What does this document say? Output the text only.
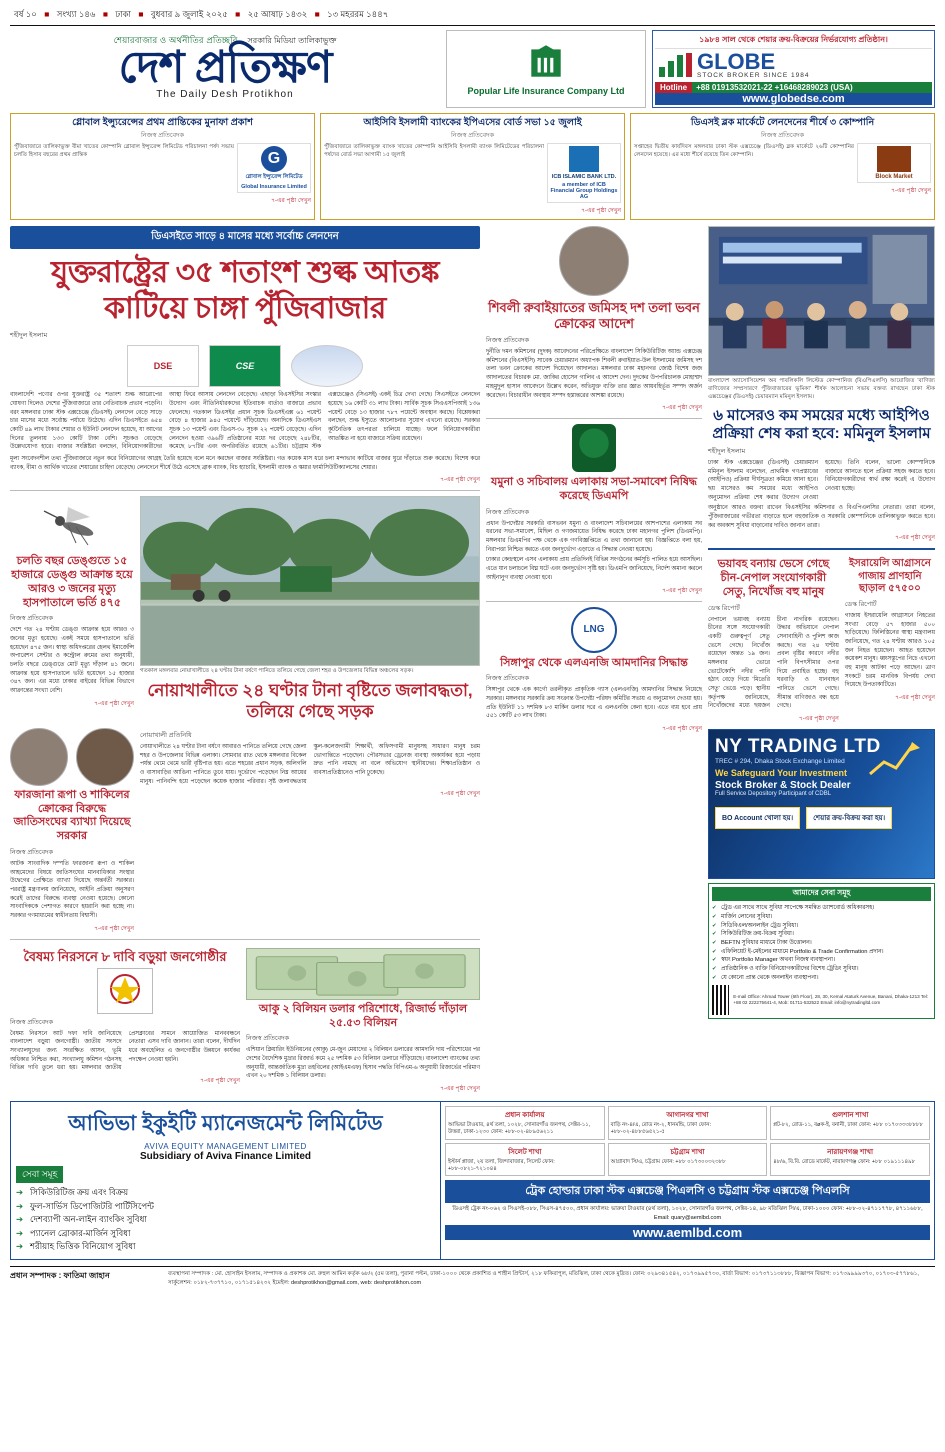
বর্ষ ১০ ■ সংখ্যা ১৪৬ ■ ঢাকা ■ বুধবার ৯ জুলাই ২০২৫ ■ ২৫ আষাঢ় ১৪৩২ ■ ১৩ মহররম ১৪৪৭
শেয়ারবাজার ও অর্থনীতির প্রতিচ্ছবি সরকারি মিডিয়া তালিকাভুক্ত
দেশ প্রতিক্ষণ
The Daily Desh Protikhon	Popular Life Insurance Company Ltd
১৯৮৪ সাল থেকে শেয়ার ক্রয়-বিক্রয়ের নির্ভরযোগ্য প্রতিষ্ঠান।
GLOBE
STOCK BROKER SINCE 1984
Hotline	+88 01913532021-22 +16468289023 (USA)
www.globedse.com
গ্লোবাল ইন্স্যুরেন্সের প্রথম প্রান্তিকের মুনাফা প্রকাশ
নিজস্ব প্রতিবেদক
পুঁজিবাজারে তালিকাভুক্ত বীমা খাতের কোম্পানি গ্লোবাল ইন্স্যুরেন্স লিমিটেড পরিচালনা পর্ষদ সভায় চলতি হিসাব বছরের প্রথম প্রান্তিক	G
গ্লোবাল ইন্স্যুরেন্স লিমিটেড
Global Insurance Limited
৭-এর পৃষ্ঠা দেখুন
আইসিবি ইসলামী ব্যাংকের ইপিএসের বোর্ড সভা ১৫ জুলাই
নিজস্ব প্রতিবেদক
পুঁজিবাজারে তালিকাভুক্ত ব্যাংক খাতের কোম্পানি আইসিবি ইসলামী ব্যাংক লিমিটেডের পরিচালনা পর্ষদের বোর্ড সভা আগামী ১৫ জুলাই
ICB ISLAMIC BANK LTD.
a member of ICB Financial Group Holdings AG
৭-এর পৃষ্ঠা দেখুন
ডিএসই ব্লক মার্কেটে লেনদেনের শীর্ষে ৩ কোম্পানি
নিজস্ব প্রতিবেদক
সপ্তাহের দ্বিতীয় কার্যদিবস মঙ্গলবার ঢাকা স্টক এক্সচেঞ্জে (ডিএসই) ব্লক মার্কেটে ২৬টি কোম্পানির লেনদেন হয়েছে। এর মধ্যে শীর্ষে রয়েছে তিন কোম্পানি।
Block Market
৭-এর পৃষ্ঠা দেখুন
ডিএসইতে সাড়ে ৪ মাসের মধ্যে সর্বোচ্চ লেনদেন
যুক্তরাষ্ট্রের ৩৫ শতাংশ শুল্ক আতঙ্ক কাটিয়ে চাঙ্গা পুঁজিবাজার
শহীদুল ইসলাম
DSE	CSE
বাংলাদেশি পণ্যের ওপর যুক্তরাষ্ট্র ৩৫ শতাংশ শুল্ক আরোপের ঘোষণা দিলেও দেশের পুঁজিবাজারে তার নেতিবাচক প্রভাব পড়েনি। বরং মঙ্গলবার ঢাকা স্টক এক্সচেঞ্জে (ডিএসই) লেনদেন বেড়ে সাড়ে চার মাসের মধ্যে সর্বোচ্চ পর্যায়ে উঠেছে। এদিন ডিএসইতে ৬৫৪ কোটি ৪৯ লাখ টাকার শেয়ার ও ইউনিট লেনদেন হয়েছে, যা আগের দিনের তুলনায় ১৩৩ কোটি টাকা বেশি। সূচকও বেড়েছে উল্লেখযোগ্য হারে। বাজার সংশ্লিষ্টরা বলছেন, বিনিয়োগকারীদের আস্থা ফিরে আসায় লেনদেন বেড়েছে। এছাড়া বিএসইসির সংস্কার উদ্যোগ এবং নীতিনির্ধারকদের ইতিবাচক বার্তাও বাজারে প্রভাব ফেলেছে। গতকাল ডিএসইর প্রধান সূচক ডিএসইএক্স ৬১ পয়েন্ট বেড়ে ৪ হাজার ৯৪৫ পয়েন্টে দাঁড়িয়েছে। অন্যদিকে ডিএসইএস সূচক ১৩ পয়েন্ট এবং ডিএস-৩০ সূচক ২২ পয়েন্ট বেড়েছে। এদিন লেনদেন হওয়া ৩৯৬টি প্রতিষ্ঠানের মধ্যে দর বেড়েছে ২৪৮টির, কমেছে ৮৭টির এবং অপরিবর্তিত রয়েছে ৬১টির। চট্টগ্রাম স্টক এক্সচেঞ্জেও (সিএসই) একই চিত্র দেখা গেছে। সিএসইতে লেনদেন হয়েছে ১৬ কোটি ৩১ লাখ টাকা। সার্বিক সূচক সিএএসপিআই ১৩৬ পয়েন্ট বেড়ে ১৩ হাজার ৭৮৭ পয়েন্টে অবস্থান করছে। বিশ্লেষকরা বলছেন, শুল্ক ইস্যুতে আলোচনার সুযোগ এখনো রয়েছে। সরকার কূটনৈতিক তৎপরতা চালিয়ে যাচ্ছে। ফলে বিনিয়োগকারীরা আতঙ্কিত না হয়ে বাজারে সক্রিয় রয়েছেন।
মূল্য সংবেদনশীল তথ্য পুঁজিবাজারে নতুন করে বিনিয়োগের আগ্রহ তৈরি হয়েছে বলে মনে করছেন বাজার সংশ্লিষ্টরা। গত কয়েক মাস ধরে চলা মন্দাভাব কাটিয়ে বাজার ঘুরে দাঁড়াতে শুরু করেছে। বিশেষ করে ব্যাংক, বীমা ও আর্থিক খাতের শেয়ারের চাহিদা বেড়েছে। লেনদেনে শীর্ষে উঠে এসেছে ব্রাক ব্যাংক, বিচ হ্যাচারি, ইসলামী ব্যাংক ও স্কয়ার ফার্মাসিউটিক্যালসের শেয়ার।
৭-এর পৃষ্ঠা দেখুন
চলতি বছর ডেঙ্গুতে ১৫ হাজারে ডেঙ্গু আক্রান্ত হয়ে আরও ৩ জনের মৃত্যু হাসপাতালে ভর্তি ৪৭৫
নিজস্ব প্রতিবেদক
দেশে গত ২৪ ঘণ্টায় ডেঙ্গু আক্রান্ত হয়ে আরও ৩ জনের মৃত্যু হয়েছে। একই সময়ে হাসপাতালে ভর্তি হয়েছেন ৪৭৫ জন। স্বাস্থ্য অধিদপ্তরের হেলথ ইমার্জেন্সি অপারেশন সেন্টার ও কন্ট্রোল রুমের তথ্য অনুযায়ী, চলতি বছরে ডেঙ্গুতে মোট মৃত্যু দাঁড়াল ৪১ জনে। আক্রান্ত হয়ে হাসপাতালে ভর্তি হয়েছেন ১৫ হাজার ৩৪৭ জন। এর মধ্যে ঢাকার বাইরের বিভিন্ন বিভাগে আক্রান্তের সংখ্যা বেশি।
৭-এর পৃষ্ঠা দেখুন
গতকাল মঙ্গলবার নোয়াখালীতে ২৪ ঘণ্টার টানা বর্ষণে পানিতে তলিয়ে গেছে জেলা শহর ও উপজেলার বিভিন্ন অঞ্চলের সড়ক।
নোয়াখালীতে ২৪ ঘণ্টার টানা বৃষ্টিতে জলাবদ্ধতা, তলিয়ে গেছে সড়ক
ফারজানা রূপা ও শাকিলের ক্রোকের বিরুদ্ধে জাতিসংঘের ব্যাখ্যা দিয়েছে সরকার
নিজস্ব প্রতিবেদক
আটক সাংবাদিক দম্পতি ফারজানা রূপা ও শাকিল আহমেদের বিষয়ে জাতিসংঘের মানবাধিকার সংস্থার উদ্বেগের প্রেক্ষিতে ব্যাখ্যা দিয়েছে অন্তর্বর্তী সরকার। পররাষ্ট্র মন্ত্রণালয় জানিয়েছে, আইনি প্রক্রিয়া অনুসরণ করেই তাদের বিরুদ্ধে ব্যবস্থা নেওয়া হয়েছে। কোনো সাংবাদিককে পেশাগত কারণে হয়রানি করা হচ্ছে না। সরকার গণমাধ্যমের স্বাধীনতায় বিশ্বাসী।
৭-এর পৃষ্ঠা দেখুন
নোয়াখালী প্রতিনিধি
নোয়াখালীতে ২৪ ঘণ্টার টানা বর্ষণে আবারও পানিতে তলিয়ে গেছে জেলা শহর ও উপজেলার বিভিন্ন এলাকা। সোমবার রাত থেকে মঙ্গলবার বিকেল পর্যন্ত থেমে থেমে ভারী বৃষ্টিপাত হয়। এতে শহরের প্রধান সড়ক, অলিগলি ও বাসাবাড়ির আঙিনা পানিতে ডুবে যায়। দুর্ভোগে পড়েছেন নিম্ন আয়ের মানুষ। পানিবন্দি হয়ে পড়েছেন কয়েক হাজার পরিবার। সৃষ্ট জলাবদ্ধতায় স্কুল-কলেজগামী শিক্ষার্থী, অফিসগামী মানুষসহ সাধারণ মানুষ চরম ভোগান্তিতে পড়েছেন। পৌরসভার ড্রেনেজ ব্যবস্থা অকার্যকর হয়ে পড়ায় দ্রুত পানি নামছে না বলে অভিযোগ স্থানীয়দের। শিক্ষাপ্রতিষ্ঠান ও ব্যবসাপ্রতিষ্ঠানেও পানি ঢুকেছে।
৭-এর পৃষ্ঠা দেখুন
বৈষম্য নিরসনে ৮ দাবি বড়ুয়া জনগোষ্ঠীর
নিজস্ব প্রতিবেদক
বৈষম্য নিরসনে আট দফা দাবি জানিয়েছে বাংলাদেশ বড়ুয়া জনগোষ্ঠী। জাতীয় সংসদে সংখ্যালঘুদের জন্য সংরক্ষিত আসন, ভূমি অধিকার নিশ্চিত করা, সংখ্যালঘু কমিশন গঠনসহ বিভিন্ন দাবি তুলে ধরা হয়। মঙ্গলবার জাতীয় প্রেসক্লাবের সামনে আয়োজিত মানববন্ধনে নেতারা এসব দাবি জানান। তারা বলেন, দীর্ঘদিন ধরে অবহেলিত এ জনগোষ্ঠীর উন্নয়নে কার্যকর পদক্ষেপ নেওয়া হয়নি।
৭-এর পৃষ্ঠা দেখুন
আকু ২ বিলিয়ন ডলার পরিশোধে, রিজার্ভ দাঁড়াল ২৫.৫৩ বিলিয়ন
নিজস্ব প্রতিবেদক
এশিয়ান ক্লিয়ারিং ইউনিয়নের (আকু) মে-জুন মেয়াদের ২ বিলিয়ন ডলারের আমদানি দায় পরিশোধের পর দেশের বৈদেশিক মুদ্রার রিজার্ভ কমে ২৫ দশমিক ৫৩ বিলিয়ন ডলারে দাঁড়িয়েছে। বাংলাদেশ ব্যাংকের তথ্য অনুযায়ী, আন্তর্জাতিক মুদ্রা তহবিলের (আইএমএফ) হিসাব পদ্ধতি বিপিএম-৬ অনুযায়ী রিজার্ভের পরিমাণ এখন ২০ দশমিক ১ বিলিয়ন ডলার।
৭-এর পৃষ্ঠা দেখুন
শিবলী রুবাইয়াতের জমিসহ দশ তলা ভবন ক্রোকের আদেশ
নিজস্ব প্রতিবেদক
দুর্নীতি দমন কমিশনের (দুদক) আবেদনের পরিপ্রেক্ষিতে বাংলাদেশ সিকিউরিটিজ অ্যান্ড এক্সচেঞ্জ কমিশনের (বিএসইসি) সাবেক চেয়ারম্যান অধ্যাপক শিবলী রুবাইয়াত-উল ইসলামের জমিসহ দশ তলা ভবন ক্রোকের আদেশ দিয়েছেন আদালত। মঙ্গলবার ঢাকা মহানগর জ্যেষ্ঠ বিশেষ জজ আদালতের বিচারক মো. জাকির হোসেন গালিব এ আদেশ দেন। দুদকের উপপরিচালক মোহাম্মদ মাহমুদুল হাসান আবেদনে উল্লেখ করেন, অভিযুক্ত ব্যক্তি তার জ্ঞাত আয়বহির্ভূত সম্পদ অর্জন করেছেন। বিচারাধীন অবস্থায় সম্পদ হস্তান্তরের আশঙ্কা রয়েছে।
৭-এর পৃষ্ঠা দেখুন
যমুনা ও সচিবালয় এলাকায় সভা-সমাবেশ নিষিদ্ধ করেছে ডিএমপি
নিজস্ব প্রতিবেদক
প্রধান উপদেষ্টার সরকারি বাসভবন যমুনা ও বাংলাদেশ সচিবালয়ের আশপাশের এলাকায় সব ধরনের সভা-সমাবেশ, মিছিল ও গণজমায়েত নিষিদ্ধ করেছে ঢাকা মহানগর পুলিশ (ডিএমপি)। মঙ্গলবার ডিএমপির পক্ষ থেকে এক গণবিজ্ঞপ্তিতে এ তথ্য জানানো হয়। বিজ্ঞপ্তিতে বলা হয়, নিরাপত্তা নিশ্চিত করতে এবং জনদুর্ভোগ এড়াতে এ সিদ্ধান্ত নেওয়া হয়েছে।
ঢাকার কেন্দ্রস্থলে এসব এলাকায় প্রায় প্রতিদিনই বিভিন্ন সংগঠনের কর্মসূচি পালিত হয়ে আসছিল। এতে যান চলাচলে বিঘ্ন ঘটে এবং জনদুর্ভোগ সৃষ্টি হয়। ডিএমপি জানিয়েছে, নির্দেশ অমান্য করলে আইনানুগ ব্যবস্থা নেওয়া হবে।
৭-এর পৃষ্ঠা দেখুন
LNG
সিঙ্গাপুর থেকে এলএনজি আমদানির সিদ্ধান্ত
নিজস্ব প্রতিবেদক
সিঙ্গাপুর থেকে এক কার্গো তরলীকৃত প্রাকৃতিক গ্যাস (এলএনজি) আমদানির সিদ্ধান্ত নিয়েছে সরকার। মঙ্গলবার সরকারি ক্রয় সংক্রান্ত উপদেষ্টা পরিষদ কমিটির সভায় এ অনুমোদন দেওয়া হয়। প্রতি ইউনিট ১১ দশমিক ৮৩ মার্কিন ডলার দরে এ এলএনজি কেনা হবে। এতে ব্যয় হবে প্রায় ৫৫১ কোটি ৫৩ লাখ টাকা।
৭-এর পৃষ্ঠা দেখুন
বাংলাদেশ অ্যাসোসিয়েশন অব পাবলিকলি লিস্টেড কোম্পানিজ (বিএপিএলসি) আয়োজিত ‘বাণিজ্য বাণিজ্যের সম্প্রসারণে পুঁজিবাজারের ভূমিকা’ শীর্ষক আলোচনা সভায় বক্তব্য রাখছেন ঢাকা স্টক এক্সচেঞ্জের (ডিএসই) চেয়ারম্যান মমিনুল ইসলাম।
৬ মাসেরও কম সময়ের মধ্যে আইপিও প্রক্রিয়া শেষ করা হবে: মমিনুল ইসলাম
শহীদুল ইসলাম
ঢাকা স্টক এক্সচেঞ্জের (ডিএসই) চেয়ারম্যান মমিনুল ইসলাম বলেছেন, প্রাথমিক গণপ্রস্তাবের (আইপিও) প্রক্রিয়া দীর্ঘসূত্রতা কমিয়ে আনা হবে। ছয় মাসেরও কম সময়ের মধ্যে আইপিও অনুমোদন প্রক্রিয়া শেষ করার উদ্যোগ নেওয়া হয়েছে। তিনি বলেন, ভালো কোম্পানিকে বাজারে আনতে হলে প্রক্রিয়া সহজ করতে হবে। বিনিয়োগকারীদের স্বার্থ রক্ষা করেই এ উদ্যোগ নেওয়া হচ্ছে।
অনুষ্ঠানে আরও বক্তব্য রাখেন বিএসইসির কমিশনার ও বিএপিএলসির নেতারা। তারা বলেন, পুঁজিবাজারের গভীরতা বাড়াতে হলে বহুজাতিক ও সরকারি কোম্পানিকে তালিকাভুক্ত করতে হবে। কর অবকাশ সুবিধা বাড়ানোর দাবিও জানান তারা।
৭-এর পৃষ্ঠা দেখুন
ভয়াবহ বন্যায় ভেসে গেছে চীন-নেপাল সংযোগকারী সেতু, নিখোঁজ বহু মানুষ
ডেস্ক রিপোর্ট
নেপালে ভয়াবহ বন্যায় চীনের সঙ্গে সংযোগকারী একটি গুরুত্বপূর্ণ সেতু ভেসে গেছে। নিখোঁজ রয়েছেন অন্তত ১৯ জন। মঙ্গলবার ভোরে ভোটেকোশি নদীর পানি হঠাৎ বেড়ে গিয়ে ‘মিতেরি সেতু’ ভেঙে পড়ে। স্থানীয় কর্তৃপক্ষ জানিয়েছে, নিখোঁজদের মধ্যে ছয়জন চীনা নাগরিক রয়েছেন। উদ্ধার অভিযানে নেপাল সেনাবাহিনী ও পুলিশ কাজ করছে। গত ২৪ ঘণ্টায় প্রবল বৃষ্টির কারণে নদীর পানি বিপৎসীমার ওপর দিয়ে প্রবাহিত হচ্ছে। বহু ঘরবাড়ি ও যানবাহন পানিতে ভেসে গেছে। সীমান্ত বাণিজ্যও বন্ধ হয়ে গেছে।
৭-এর পৃষ্ঠা দেখুন
ইসরায়েলি আগ্রাসনে গাজায় প্রাণহানি ছাড়াল ৫৭৫০০
ডেস্ক রিপোর্ট
গাজায় ইসরায়েলি আগ্রাসনে নিহতের সংখ্যা বেড়ে ৫৭ হাজার ৫০০ ছাড়িয়েছে। ফিলিস্তিনের স্বাস্থ্য মন্ত্রণালয় জানিয়েছে, গত ২৪ ঘণ্টায় আরও ১০৫ জন নিহত হয়েছেন। আহত হয়েছেন কয়েকশ মানুষ। ধ্বংসস্তূপের নিচে এখনো বহু মানুষ আটকা পড়ে আছেন। ত্রাণ সংকটে চরম মানবিক বিপর্যয় দেখা দিয়েছে উপত্যকাটিতে।
৭-এর পৃষ্ঠা দেখুন
NY TRADING LTD
TREC # 294, Dhaka Stock Exchange Limited
We Safeguard Your Investment
Stock Broker & Stock Dealer
Full Service Depository Participant of CDBL
BO Account খোলা হয়।	শেয়ার ক্রয়-বিক্রয় করা হয়।
আমাদের সেবা সমূহ
✔ ট্রেড এর সাথে সাথে সুবিধা সাপেক্ষে সমন্বিত ড্যাশবোর্ড অধিকারসহ।
✔ মার্জিন লোনের সুবিধা।
✔ সিডিবিএল/অনলাইন ট্রেড সুবিধা।
✔ সিকিউরিটিজ ক্রয়-বিক্রয় সুবিধা।
✔ BEFTN সুবিধার মাধ্যমে টাকা উত্তোলন।
✔ এফিলিয়েট ই-মেইলের মাধ্যমে Portfolio & Trade Confirmation প্রদান।
✔ স্বয়ং Portfolio Manager অথবা নিজস্ব ব্যবস্থাপনা।
✔ প্রাতিষ্ঠানিক ও ব্যক্তি বিনিয়োগকারীদের বিশেষ ট্রেডিং সুবিধা।
✔ যে কোনো প্রান্ত থেকে অনলাইন ব্যবস্থাপনা।
E-mail Office: Ahmad Tower (6th Floor), 28, 30, Kemal Ataturk Avenue, Banani, Dhaka-1213 Tel: +88 02 222275641-4, Mob: 01711-532522 Email: info@nytradingltd.com
আভিভা ইকুইটি ম্যানেজমেন্ট লিমিটেড
AVIVA EQUITY MANAGEMENT LIMITED
Subsidiary of Aviva Finance Limited
সেবা সমূহ
➔ সিকিউরিটিজ ক্রয় এবং বিক্রয়
➔ ফুল-সার্ভিস ডিপোজিটরি পার্টিসিপেন্ট
➔ দেশব্যাপী অন-লাইন ব্যাংকিং সুবিধা
➔ প্যানেল ব্রোকার-মার্জিন সুবিধা
➔ শরীয়াহ ভিত্তিক বিনিয়োগ সুবিধা
প্রধান কার্যালয়

আভিভা টাওয়ার, ৪র্থ তলা, ১০২৮, সোনারগাঁও জনপথ, সেক্টর-১১, উত্তরা, ঢাকা-১২৩০ ফোন: +৮৮-০২-৪৮৯৫৬২১১

আগানগর শাখা

বাড়ি নং-৪/এ, রোড নং-২, ধানমন্ডি, ঢাকা ফোন: +৮৮-০২-৪৮৮৫৬৫২১-৫

গুলশান শাখা

প্লট-৮২, রোড-১১, বøক-ই, বনানী, ঢাকা ফোন: +৮৮ ০১৭০৩৩৩৮৮৮৮

সিলেট শাখা

ইস্টার্ন প্লাজা, ২য় তলা, জিন্দাবাজার, সিলেট ফোন: +৮৮-০৮২১-৭২১০৪৪

চট্টগ্রাম শাখা

আগ্রাবাদ সি/এ, চট্টগ্রাম ফোন: +৮৮ ০১৭৩০০৩২৩৮৮

নারায়ণগঞ্জ শাখা

৪৮/৬, বি.বি. রোডে মার্কেট, নারায়ণগঞ্জ ফোন: +৮৮ ০১৯১১১৪৯৮

ট্রেক হোল্ডার ঢাকা স্টক এক্সচেঞ্জ পিএলসি ও চট্টগ্রাম স্টক এক্সচেঞ্জ পিএলসি
ডিএসই ট্রেক নং-০৬২ ও সিএসই-০৮৮, সিএস-৪৭৫০০, প্রধান কার্যালয়: ভারুয়া টাওয়ার (৪র্থ তলা), ১০২৮, সোনারগাঁও জনপথ, সেক্টর-১৪, ৯৮ মতিঝিল সি/এ, ঢাকা-১০০০ ফোন: +৮৮-০২-৪৭১১৭৭৮, ৪৭১১৬৮৮, Email: quary@aemlbd.com
www.aemlbd.com
প্রধান সম্পাদক : ফাতিমা জাহান	ব্যবস্থাপনা সম্পাদক : মো. হোসাইন ইসলাম, সম্পাদক ও প্রকাশক মো. রুহুল আমিন কর্তৃক ৬৮/২ (৫ম তলা), পুরানা পল্টন, ঢাকা-১০০০ থেকে প্রকাশিত ও শাহীন প্রিন্টার্স, ২১৮ ফকিরাপুল, মতিঝিল, ঢাকা থেকে মুদ্রিত। ফোন: ০২৯৩৪১৫৪২, ০১৭৩৯৯৫৭৩০, বার্তা বিভাগ: ০১৭৩৭১১৩৮৮৮, বিজ্ঞাপন বিভাগ: ০১৭৩৯৯৯৯৩৭০, ০১৭০৩-৫৭৭৮৬১, সার্কুলেশন: ০১৮২-৭৩৭৭১০, ০১৭১৫১৪২৩২ ইমেইল: deshprotikhon@gmail.com, web: deshprotikhon.com
